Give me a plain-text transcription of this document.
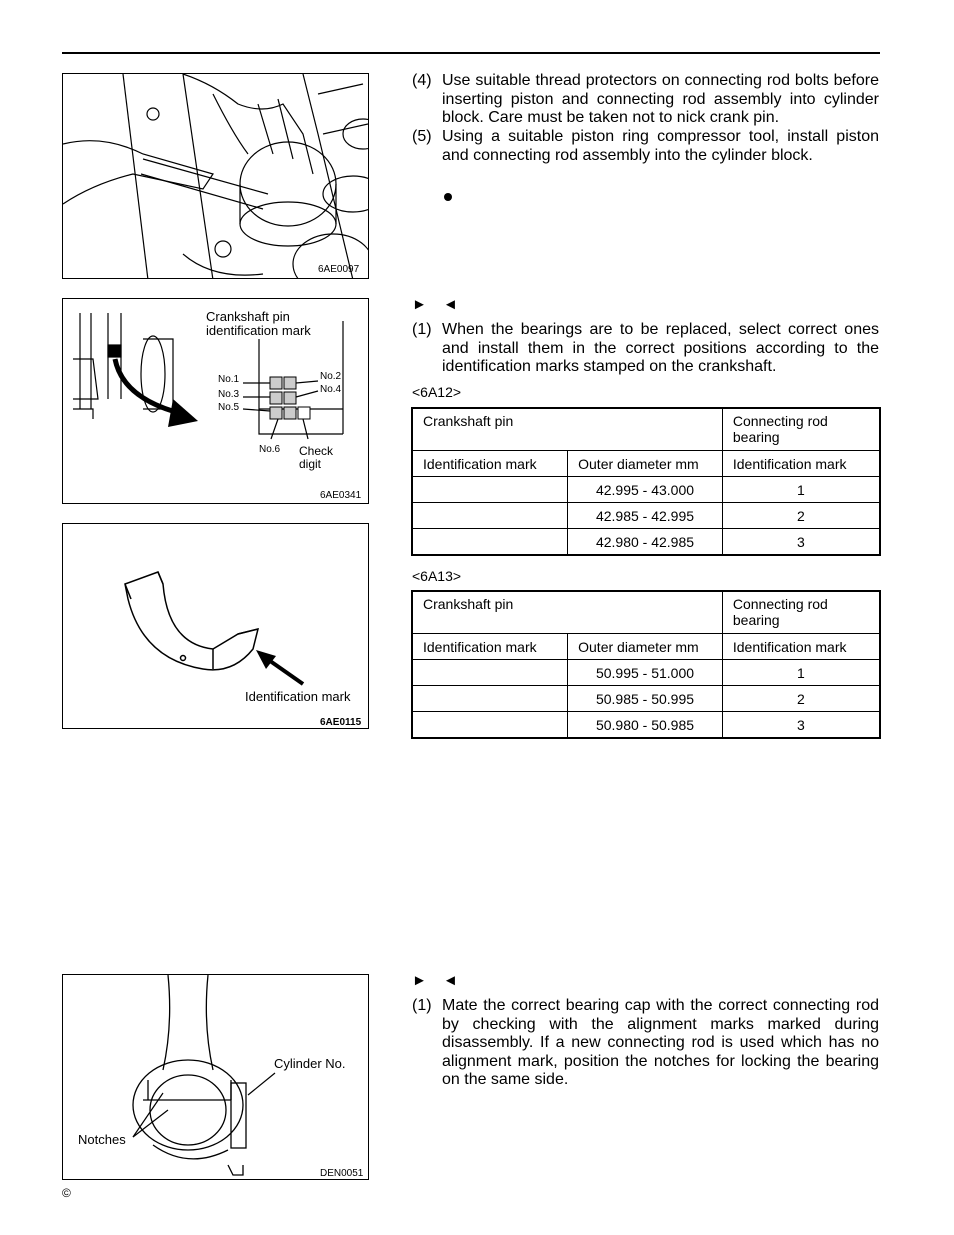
6AE0097
Crankshaft pin
identification mark
No.1
No.3
No.5
No.2
No.4
No.6 Check
digit
6AE0341
Identification mark
6AE0115
Cylinder No.
Notches
DEN0051
(4) Use suitable thread protectors on connecting rod bolts before inserting piston and connecting rod assembly into cylinder block. Care must be taken not to nick crank pin.
(5) Using a suitable piston ring compressor tool, install piston and connecting rod assembly into the cylinder block.
► ◄
(1) When the bearings are to be replaced, select correct ones and install them in the correct positions according to the identification marks stamped on the crankshaft.
<6A12>
Crankshaft pin		Connecting rod bearing
Identification mark	Outer diameter mm	Identification mark
	42.995 - 43.000	1
	42.985 - 42.995	2
	42.980 - 42.985	3
<6A13>
Crankshaft pin		Connecting rod bearing
Identification mark	Outer diameter mm	Identification mark
	50.995 - 51.000	1
	50.985 - 50.995	2
	50.980 - 50.985	3
► ◄
(1) Mate the correct bearing cap with the correct connecting rod by checking with the alignment marks marked during disassembly. If a new connecting rod is used which has no alignment mark, position the notches for locking the bearing on the same side.
©
